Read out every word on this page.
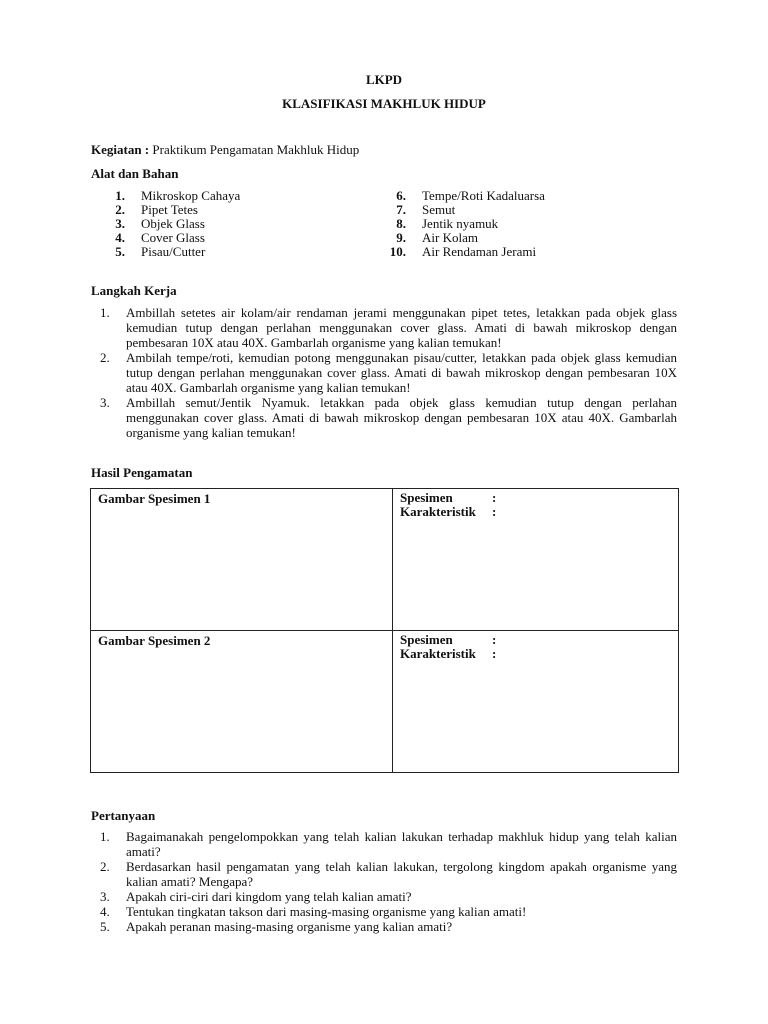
LKPD
KLASIFIKASI MAKHLUK HIDUP
Kegiatan : Praktikum Pengamatan Makhluk Hidup
Alat dan Bahan
1. Mikroskop Cahaya
2. Pipet Tetes
3. Objek Glass
4. Cover Glass
5. Pisau/Cutter
6. Tempe/Roti Kadaluarsa
7. Semut
8. Jentik nyamuk
9. Air Kolam
10. Air Rendaman Jerami
Langkah Kerja
1. Ambillah setetes air kolam/air rendaman jerami menggunakan pipet tetes, letakkan pada objek glass kemudian tutup dengan perlahan menggunakan cover glass. Amati di bawah mikroskop dengan pembesaran 10X atau 40X. Gambarlah organisme yang kalian temukan!
2. Ambilah tempe/roti, kemudian potong menggunakan pisau/cutter, letakkan pada objek glass kemudian tutup dengan perlahan menggunakan cover glass. Amati di bawah mikroskop dengan pembesaran 10X atau 40X. Gambarlah organisme yang kalian temukan!
3. Ambillah semut/Jentik Nyamuk. letakkan pada objek glass kemudian tutup dengan perlahan menggunakan cover glass. Amati di bawah mikroskop dengan pembesaran 10X atau 40X. Gambarlah organisme yang kalian temukan!
Hasil Pengamatan
Gambar Spesimen 1	Spesimen :
Karakteristik :

Gambar Spesimen 2	Spesimen :
Karakteristik :
Pertanyaan
1. Bagaimanakah pengelompokkan yang telah kalian lakukan terhadap makhluk hidup yang telah kalian amati?
2. Berdasarkan hasil pengamatan yang telah kalian lakukan, tergolong kingdom apakah organisme yang kalian amati? Mengapa?
3. Apakah ciri-ciri dari kingdom yang telah kalian amati?
4. Tentukan tingkatan takson dari masing-masing organisme yang kalian amati!
5. Apakah peranan masing-masing organisme yang kalian amati?
